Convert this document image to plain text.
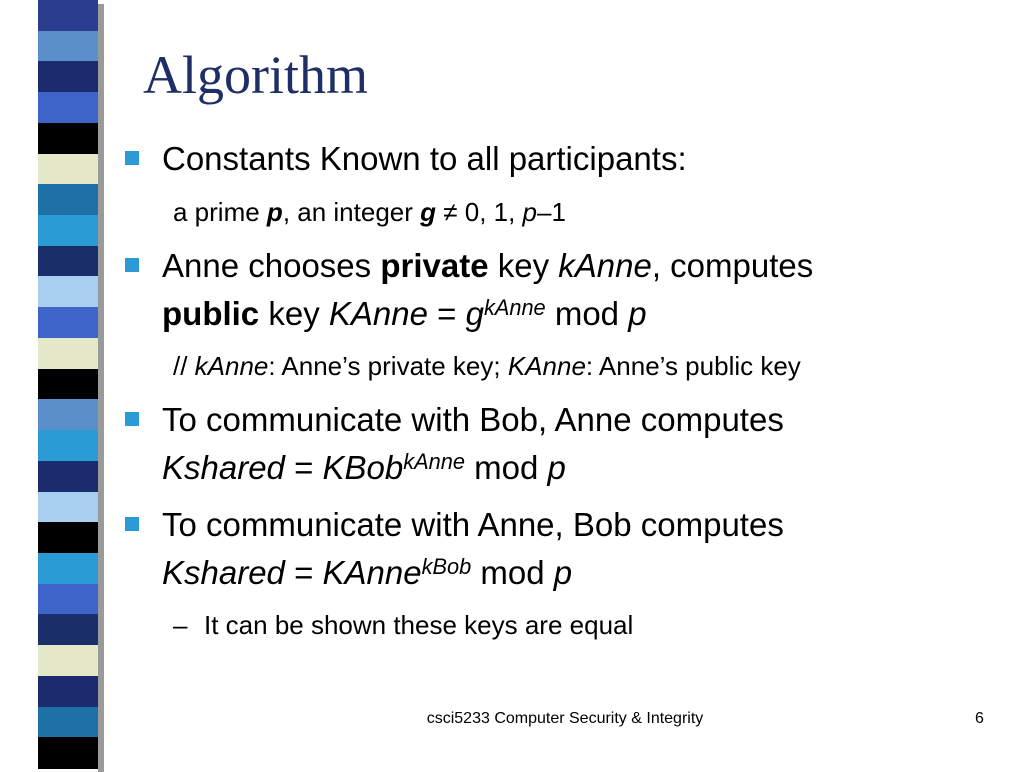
Algorithm
Constants Known to all participants:
a prime p, an integer g ≠ 0, 1, p–1
Anne chooses private key kAnne, computes
public key KAnne = $g^{kAnne}$ mod p
// kAnne: Anne’s private key; KAnne: Anne’s public key
To communicate with Bob, Anne computes
Kshared = KBob$^{kAnne}$ mod p
To communicate with Anne, Bob computes
Kshared = KAnne$^{kBob}$ mod p
– It can be shown these keys are equal
csci5233 Computer Security & Integrity	6
